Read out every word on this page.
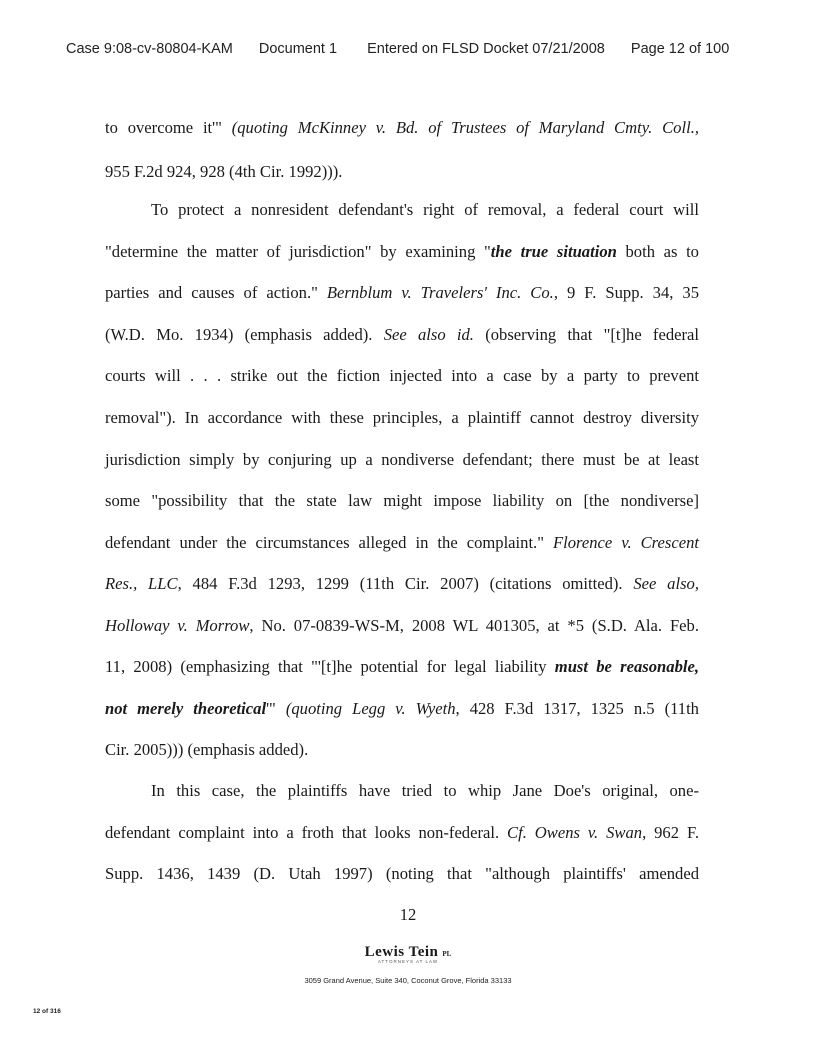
Case 9:08-cv-80804-KAM Document 1 Entered on FLSD Docket 07/21/2008 Page 12 of 100
to overcome it'" (quoting McKinney v. Bd. of Trustees of Maryland Cmty. Coll.,
955 F.2d 924, 928 (4th Cir. 1992))).
To protect a nonresident defendant's right of removal, a federal court will
"determine the matter of jurisdiction" by examining "the true situation both as to
parties and causes of action." Bernblum v. Travelers' Inc. Co., 9 F. Supp. 34, 35
(W.D. Mo. 1934) (emphasis added). See also id. (observing that "[t]he federal
courts will . . . strike out the fiction injected into a case by a party to prevent
removal"). In accordance with these principles, a plaintiff cannot destroy diversity
jurisdiction simply by conjuring up a nondiverse defendant; there must be at least
some "possibility that the state law might impose liability on [the nondiverse]
defendant under the circumstances alleged in the complaint." Florence v. Crescent
Res., LLC, 484 F.3d 1293, 1299 (11th Cir. 2007) (citations omitted). See also,
Holloway v. Morrow, No. 07-0839-WS-M, 2008 WL 401305, at *5 (S.D. Ala. Feb.
11, 2008) (emphasizing that "'[t]he potential for legal liability must be reasonable,
not merely theoretical'" (quoting Legg v. Wyeth, 428 F.3d 1317, 1325 n.5 (11th
Cir. 2005))) (emphasis added).
In this case, the plaintiffs have tried to whip Jane Doe's original, one-
defendant complaint into a froth that looks non-federal. Cf. Owens v. Swan, 962 F.
Supp. 1436, 1439 (D. Utah 1997) (noting that "although plaintiffs' amended
12
Lewis Tein PL
ATTORNEYS AT LAW
3059 Grand Avenue, Suite 340, Coconut Grove, Florida 33133
12 of 316
